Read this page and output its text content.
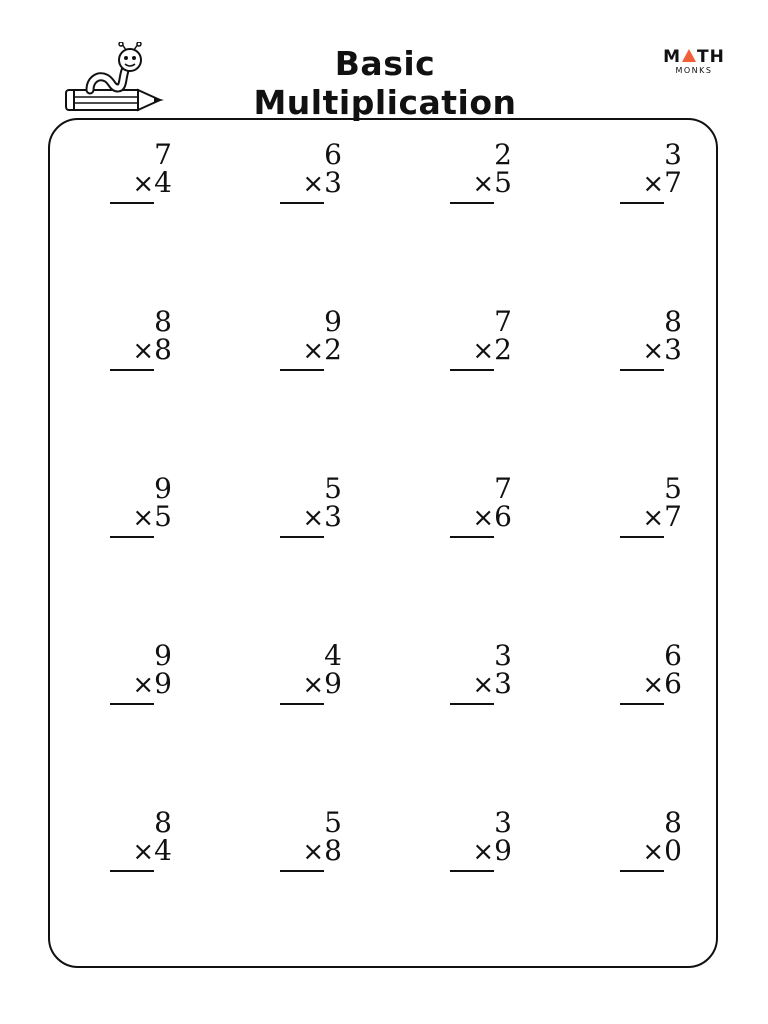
Basic Multiplication
M TH
MONKS
7
×4
6
×3
2
×5
3
×7
8
×8
9
×2
7
×2
8
×3
9
×5
5
×3
7
×6
5
×7
9
×9
4
×9
3
×3
6
×6
8
×4
5
×8
3
×9
8
×0
